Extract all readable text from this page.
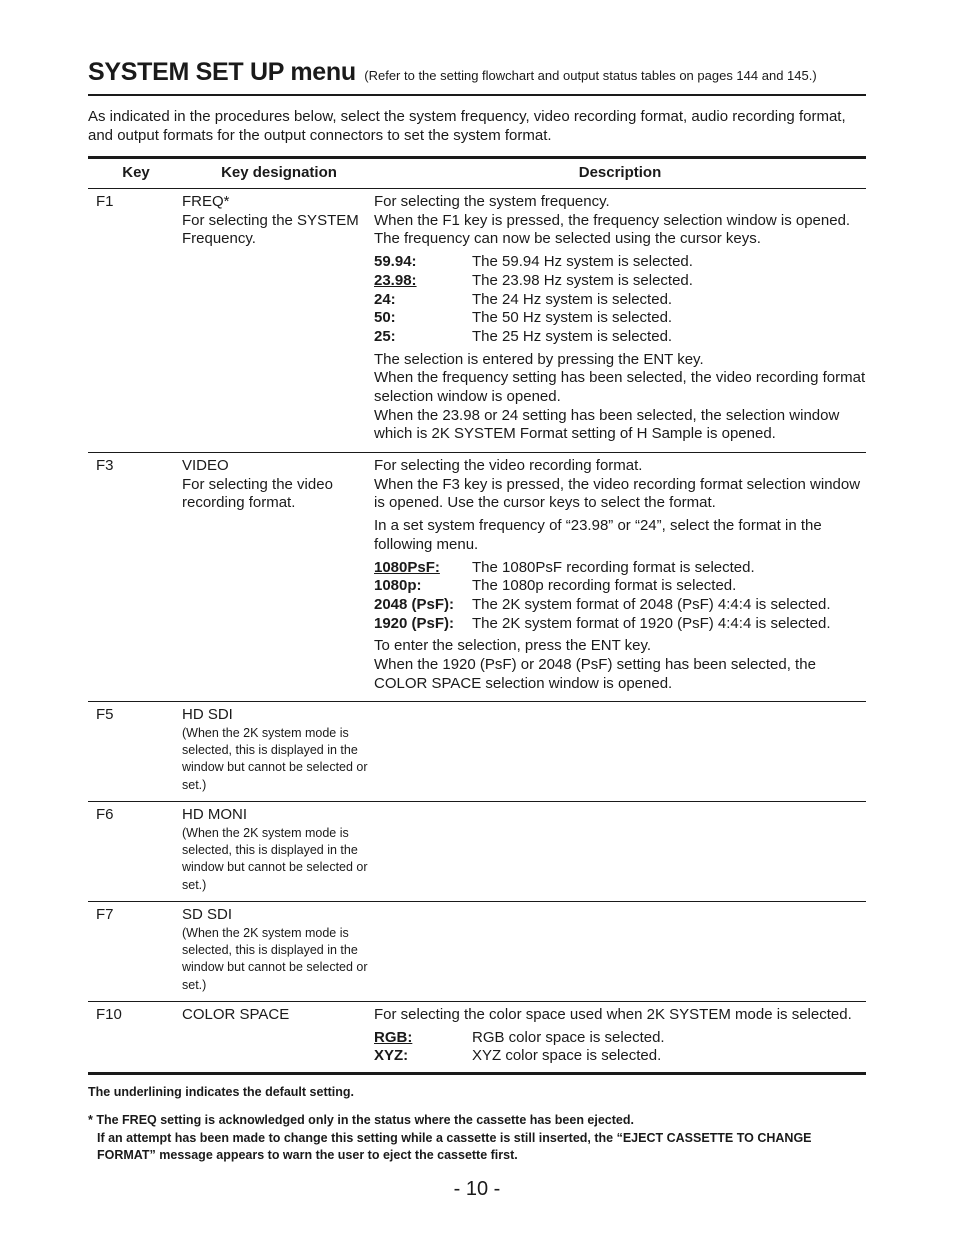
SYSTEM SET UP menu (Refer to the setting flowchart and output status tables on pages 144 and 145.)
As indicated in the procedures below, select the system frequency, video recording format, audio recording format, and output formats for the output connectors to set the system format.
Key	Key designation	Description
F1	FREQ*
For selecting the SYSTEM Frequency.
For selecting the system frequency.
When the F1 key is pressed, the frequency selection window is opened.
The frequency can now be selected using the cursor keys.
59.94:	The 59.94 Hz system is selected.
23.98:	The 23.98 Hz system is selected.
24:	The 24 Hz system is selected.
50:	The 50 Hz system is selected.
25:	The 25 Hz system is selected.
The selection is entered by pressing the ENT key.
When the frequency setting has been selected, the video recording format selection window is opened.
When the 23.98 or 24 setting has been selected, the selection window which is 2K SYSTEM Format setting of H Sample is opened.
F3	VIDEO
For selecting the video recording format.
For selecting the video recording format.
When the F3 key is pressed, the video recording format selection window is opened. Use the cursor keys to select the format.
In a set system frequency of “23.98” or “24”, select the format in the following menu.
1080PsF:	The 1080PsF recording format is selected.
1080p:	The 1080p recording format is selected.
2048 (PsF):	The 2K system format of 2048 (PsF) 4:4:4 is selected.
1920 (PsF):	The 2K system format of 1920 (PsF) 4:4:4 is selected.
To enter the selection, press the ENT key.
When the 1920 (PsF) or 2048 (PsF) setting has been selected, the COLOR SPACE selection window is opened.
F5	HD SDI
(When the 2K system mode is selected, this is displayed in the window but cannot be selected or set.)
F6	HD MONI
(When the 2K system mode is selected, this is displayed in the window but cannot be selected or set.)
F7	SD SDI
(When the 2K system mode is selected, this is displayed in the window but cannot be selected or set.)
F10	COLOR SPACE	For selecting the color space used when 2K SYSTEM mode is selected.
RGB:	RGB color space is selected.
XYZ:	XYZ color space is selected.
The underlining indicates the default setting.
* The FREQ setting is acknowledged only in the status where the cassette has been ejected.
If an attempt has been made to change this setting while a cassette is still inserted, the “EJECT CASSETTE TO CHANGE FORMAT” message appears to warn the user to eject the cassette first.
- 10 -
